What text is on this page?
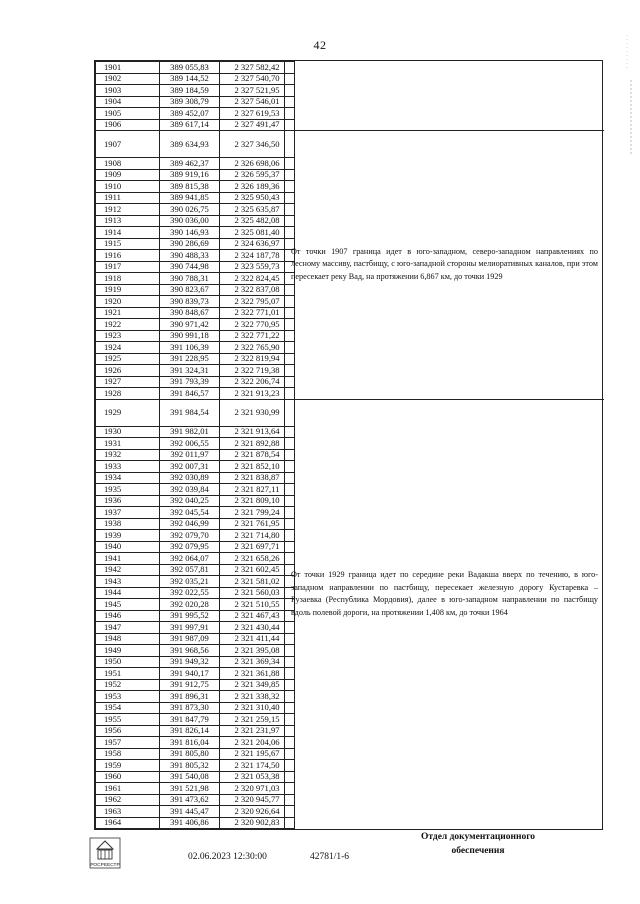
42
1901	389 055,83	2 327 582,42
1902	389 144,52	2 327 540,70
1903	389 184,59	2 327 521,95
1904	389 308,79	2 327 546,01
1905	389 452,07	2 327 619,53
1906	389 617,14	2 327 491,47
1907	389 634,93	2 327 346,50
1908	389 462,37	2 326 698,06
1909	389 919,16	2 326 595,37
1910	389 815,38	2 326 189,36
1911	389 941,85	2 325 950,43
1912	390 026,75	2 325 635,87
1913	390 036,00	2 325 482,08
1914	390 146,93	2 325 081,40
1915	390 286,69	2 324 636,97
1916	390 488,33	2 324 187,78
1917	390 744,98	2 323 559,73
1918	390 788,31	2 322 824,45
1919	390 823,67	2 322 837,08
1920	390 839,73	2 322 795,07
1921	390 848,67	2 322 771,01
1922	390 971,42	2 322 770,95
1923	390 991,18	2 322 771,22
1924	391 106,39	2 322 765,90
1925	391 228,95	2 322 819,94
1926	391 324,31	2 322 719,38
1927	391 793,39	2 322 206,74
1928	391 846,57	2 321 913,23
1929	391 984,54	2 321 930,99
1930	391 982,01	2 321 913,64
1931	392 006,55	2 321 892,88
1932	392 011,97	2 321 878,54
1933	392 007,31	2 321 852,10
1934	392 030,89	2 321 838,87
1935	392 039,84	2 321 827,11
1936	392 040,25	2 321 809,10
1937	392 045,54	2 321 799,24
1938	392 046,99	2 321 761,95
1939	392 079,70	2 321 714,80
1940	392 079,95	2 321 697,71
1941	392 064,07	2 321 658,26
1942	392 057,81	2 321 602,45
1943	392 035,21	2 321 581,02
1944	392 022,55	2 321 560,03
1945	392 020,28	2 321 510,55
1946	391 995,52	2 321 467,43
1947	391 997,91	2 321 430,44
1948	391 987,09	2 321 411,44
1949	391 968,56	2 321 395,08
1950	391 949,32	2 321 369,34
1951	391 940,17	2 321 361,88
1952	391 912,75	2 321 349,85
1953	391 896,31	2 321 338,32
1954	391 873,30	2 321 310,40
1955	391 847,79	2 321 259,15
1956	391 826,14	2 321 231,97
1957	391 816,04	2 321 204,06
1958	391 805,80	2 321 195,67
1959	391 805,32	2 321 174,50
1960	391 540,08	2 321 053,38
1961	391 521,98	2 320 971,03
1962	391 473,62	2 320 945,77
1963	391 445,47	2 320 926,64
1964	391 406,86	2 320 902,83
От точки 1907 граница идет в юго-западном, северо-западном направлениях по лесному массиву, пастбищу, с юго-западной стороны мелиоративных каналов, при этом пересекает реку Вад, на протяжении 6,867 км, до точки 1929
От точки 1929 граница идет по середине реки Вадакша вверх по течению, в юго-западном направлении по пастбищу, пересекает железную дорогу Кустаревка – Рузаевка (Республика Мордовия), далее в юго-западном направлении по пастбищу вдоль полевой дороги, на протяжении 1,408 км, до точки 1964
РОСРЕЕСТР
02.06.2023 12:30:00	42781/1-6
Отдел документационного
обеспечения
